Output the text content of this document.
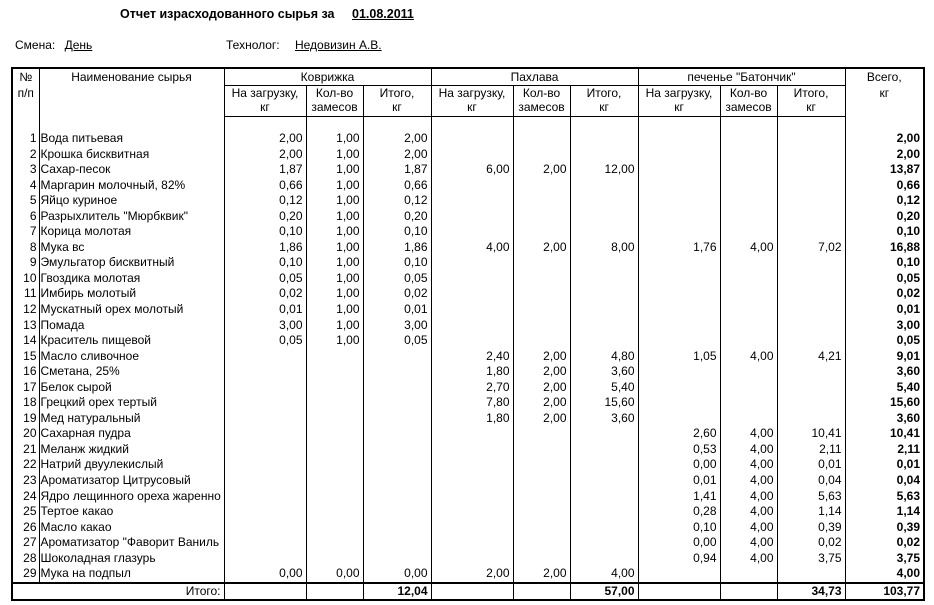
Отчет израсходованного сырья за 01.08.2011
Смена: День	Технолог: Недовизин А.В.
№
п/п	Наименование сырья	Коврижка			Пахлава			печенье "Батончик"			Всего,
кг
		На загрузку,
кг	Кол-во
замесов	Итого,
кг	На загрузку,
кг	Кол-во
замесов	Итого,
кг	На загрузку,
кг	Кол-во
замесов	Итого,
кг	

1	Вода питьевая	2,00	1,00	2,00							2,00
2	Крошка бисквитная	2,00	1,00	2,00							2,00
3	Сахар-песок	1,87	1,00	1,87	6,00	2,00	12,00				13,87
4	Маргарин молочный, 82%	0,66	1,00	0,66							0,66
5	Яйцо куриное	0,12	1,00	0,12							0,12
6	Разрыхлитель "Мюрбквик"	0,20	1,00	0,20							0,20
7	Корица молотая	0,10	1,00	0,10							0,10
8	Мука вс	1,86	1,00	1,86	4,00	2,00	8,00	1,76	4,00	7,02	16,88
9	Эмульгатор бисквитный	0,10	1,00	0,10							0,10
10	Гвоздика молотая	0,05	1,00	0,05							0,05
11	Имбирь молотый	0,02	1,00	0,02							0,02
12	Мускатный орех молотый	0,01	1,00	0,01							0,01
13	Помада	3,00	1,00	3,00							3,00
14	Краситель пищевой	0,05	1,00	0,05							0,05
15	Масло сливочное				2,40	2,00	4,80	1,05	4,00	4,21	9,01
16	Сметана, 25%				1,80	2,00	3,60				3,60
17	Белок сырой				2,70	2,00	5,40				5,40
18	Грецкий орех тертый				7,80	2,00	15,60				15,60
19	Мед натуральный				1,80	2,00	3,60				3,60
20	Сахарная пудра							2,60	4,00	10,41	10,41
21	Меланж жидкий							0,53	4,00	2,11	2,11
22	Натрий двуулекислый							0,00	4,00	0,01	0,01
23	Ароматизатор Цитрусовый							0,01	4,00	0,04	0,04
24	Ядро лещинного ореха жаренно							1,41	4,00	5,63	5,63
25	Тертое какао							0,28	4,00	1,14	1,14
26	Масло какао							0,10	4,00	0,39	0,39
27	Ароматизатор "Фаворит Ваниль							0,00	4,00	0,02	0,02
28	Шоколадная глазурь							0,94	4,00	3,75	3,75
29	Мука на подпыл	0,00	0,00	0,00	2,00	2,00	4,00				4,00
Итого:				12,04			57,00			34,73	103,77
